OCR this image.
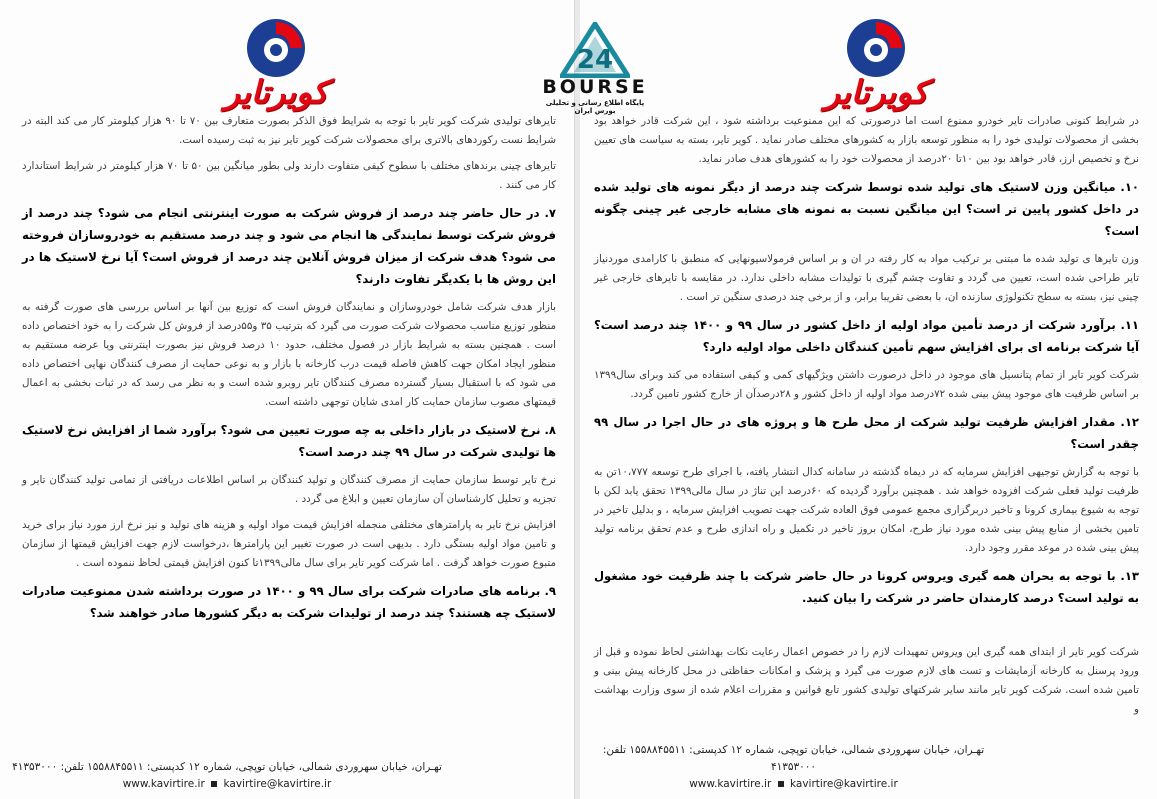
کویرتایر

تایرهای تولیدی شرکت کویر تایر با توجه به شرایط فوق الذکر بصورت متعارف بین ۷۰ تا ۹۰ هزار کیلومتر کار می کند البته در شرایط نست رکوردهای بالاتری برای محصولات شرکت کویر تایر نیز به ثبت رسیده است.

تایرهای چینی برندهای مختلف با سطوح کیفی متفاوت دارند ولی بطور میانگین بین ۵۰ تا ۷۰ هزار کیلومتر در شرایط استاندارد کار می کنند .

۷. در حال حاضر چند درصد از فروش شرکت به صورت اینترنتی انجام می شود؟ چند درصد از فروش شرکت توسط نمایندگی ها انجام می شود و چند درصد مستقیم به خودروسازان فروخته می شود؟ هدف شرکت از میزان فروش آنلاین چند درصد از فروش است؟ آیا نرخ لاستیک ها در این روش ها با یکدیگر تفاوت دارند؟

بازار هدف شرکت شامل خودروسازان و نمایندگان فروش است که توزیع بین آنها بر اساس بررسی های صورت گرفته به منظور توزیع مناسب محصولات شرکت صورت می گیرد که بترتیب ۳۵ و۵۵درصد از فروش کل شرکت را به خود اختصاص داده است . همچنین بسته به شرایط بازار در فصول مختلف، حدود ۱۰ درصد فروش نیز بصورت اینترنتی ویا عرضه مستقیم به منظور ایجاد امکان جهت کاهش فاصله قیمت درب کارخانه با بازار و به نوعی حمایت از مصرف کنندگان نهایی اختصاص داده می شود که با استقبال بسیار گسترده مصرف کنندگان تایر روبرو شده است و به نظر می رسد که در ثبات بخشی به اعمال قیمتهای مصوب سازمان حمایت کار امدی شایان توجهی داشته است.

۸. نرخ لاستیک در بازار داخلی به چه صورت تعیین می شود؟ برآورد شما از افزایش نرخ لاستیک ها تولیدی شرکت در سال ۹۹ چند درصد است؟

نرخ تایر توسط سازمان حمایت از مصرف کنندگان و تولید کنندگان بر اساس اطلاعات دریافتی از تمامی تولید کنندگان تایر و تجزیه و تحلیل کارشناسان آن سازمان تعیین و ابلاغ می گردد .

افزایش نرخ تایر به پارامترهای مختلفی منجمله افزایش قیمت مواد اولیه و هزینه های تولید و نیز نرخ ارز مورد نیاز برای خرید و تامین مواد اولیه بستگی دارد . بدیهی است در صورت تغییر این پارامترها ،درخواست لازم جهت افزایش قیمتها از سازمان متبوع صورت خواهد گرفت . اما شرکت کویر تایر برای سال مالی۱۳۹۹تا کنون افزایش قیمتی لحاظ ننموده است .

۹. برنامه های صادرات شرکت برای سال ۹۹ و ۱۴۰۰ در صورت برداشته شدن ممنوعیت صادرات لاستیک چه هستند؟ چند درصد از تولیدات شرکت به دیگر کشورها صادر خواهند شد؟

تهـران، خیابان سهروردی شمالی، خیابان توپچی، شماره ۱۲ کدپستی: ۱۵۵۸۸۴۵۵۱۱ تلفن: ۴۱۳۵۳۰۰۰
www.kavirtire.ir kavirtire@kavirtire.ir
24
BOURSE
پایگاه اطلاع رسانی و تحلیلی بورس ایران	کویرتایر

در شرایط کنونی صادرات تایر خودرو ممنوع است اما درصورتی که این ممنوعیت برداشته شود ، این شرکت قادر خواهد بود بخشی از محصولات تولیدی خود را به منظور توسعه بازار به کشورهای مختلف صادر نماید . کویر تایر، بسته به سیاست های تعیین نرخ و تخصیص ارز، قادر خواهد بود بین ۱۰تا ۲۰درصد از محصولات خود را به کشورهای هدف صادر نماید.

۱۰. میانگین وزن لاستیک های تولید شده توسط شرکت چند درصد از دیگر نمونه های تولید شده در داخل کشور پایین تر است؟ این میانگین نسبت به نمونه های مشابه خارجی غیر چینی چگونه است؟

وزن تایرها ی تولید شده ما مبتنی بر ترکیب مواد به کار رفته در ان و بر اساس فرمولاسیونهایی که منطبق با کارامدی موردنیاز تایر طراحی شده است، تعیین می گردد و تفاوت چشم گیری با تولیدات مشابه داخلی ندارد. در مقایسه با تایرهای خارجی غیر چینی نیز، بسته به سطح تکنولوژی سازنده ان، با بعضی تقریبا برابر، و از برخی چند درصدی سنگین تر است .

۱۱. برآورد شرکت از درصد تأمین مواد اولیه از داخل کشور در سال ۹۹ و ۱۴۰۰ چند درصد است؟ آیا شرکت برنامه ای برای افزایش سهم تأمین کنندگان داخلی مواد اولیه دارد؟

شرکت کویر تایر از تمام پتانسیل های موجود در داخل درصورت داشتن ویژگیهای کمی و کیفی استفاده می کند وبرای سال۱۳۹۹ بر اساس ظرفیت های موجود پیش بینی شده ۷۲درصد مواد اولیه از داخل کشور و ۲۸درصدآن از خارج کشور تامین گردد.

۱۲. مقدار افزایش ظرفیت تولید شرکت از محل طرح ها و پروژه های در حال اجرا در سال ۹۹ چقدر است؟

با توجه به گزارش توجیهی افزایش سرمایه که در دیماه گذشته در سامانه کدال انتشار یافته، با اجرای طرح توسعه ۱۰،۷۷۷تن به ظرفیت تولید فعلی شرکت افزوده خواهد شد . همچنین برآورد گردیده که ۶۰درصد این تناژ در سال مالی۱۳۹۹ تحقق یابد لکن با توجه به شیوع بیماری کرونا و تاخیر دربرگزاری مجمع عمومی فوق العاده شرکت جهت تصویب افزایش سرمایه ، و بدلیل تاخیر در تامین بخشی از منابع پیش بینی شده مورد نیاز طرح، امکان بروز تاخیر در تکمیل و راه اندازی طرح و عدم تحقق برنامه تولید پیش بینی شده در موعد مقرر وجود دارد.

۱۳. با توجه به بحران همه گیری ویروس کرونا در حال حاضر شرکت با چند ظرفیت خود مشغول به تولید است؟ درصد کارمندان حاضر در شرکت را بیان کنید.

شرکت کویر تایر از ابتدای همه گیری این ویروس تمهیدات لازم را در خصوص اعمال رعایت نکات بهداشتی لحاظ نموده و قبل از ورود پرسنل به کارخانه آزمایشات و تست های لازم صورت می گیرد و پزشک و امکانات حفاظتی در محل کارخانه پیش بینی و تامین شده است. شرکت کویر تایر مانند سایر شرکتهای تولیدی کشور تابع قوانین و مقررات اعلام شده از سوی وزارت بهداشت و

تهـران، خیابان سهروردی شمالی، خیابان توپچی، شماره ۱۲ کدپستی: ۱۵۵۸۸۴۵۵۱۱ تلفن: ۴۱۳۵۳۰۰۰
www.kavirtire.ir kavirtire@kavirtire.ir
